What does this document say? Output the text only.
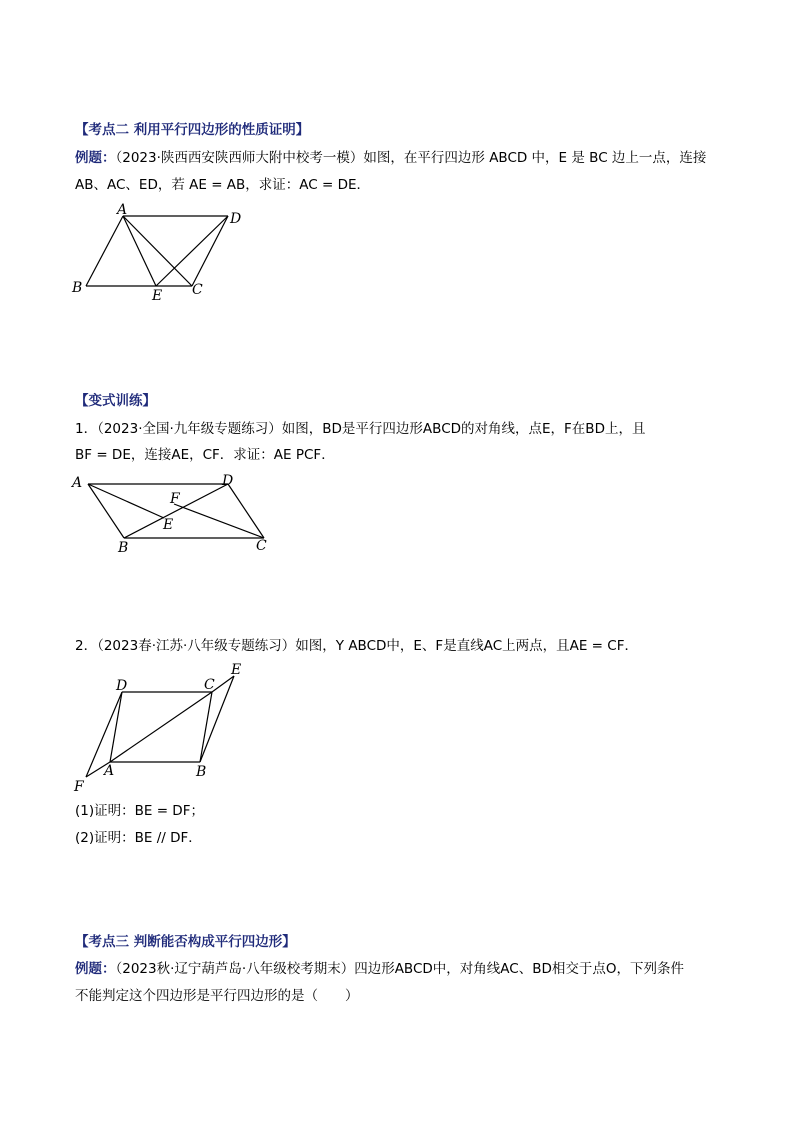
【考点二 利用平行四边形的性质证明】
例题：（2023·陕西西安陕西师大附中校考一模）如图，在平行四边形 ABCD 中，E 是 BC 边上一点，连接
AB、AC、ED，若 AE = AB，求证：AC = DE．
A
D
B	E C
【变式训练】
1．（2023·全国·九年级专题练习）如图，BD是平行四边形ABCD的对角线，点E，F在BD上，且
BF = DE，连接AE，CF．求证：AE PCF．
A	D
F
E
B	C
2．（2023春·江苏·八年级专题练习）如图，Y ABCD中，E、F是直线AC上两点，且AE = CF．
E
D	C
A	B
F
(1)证明：BE = DF；
(2)证明：BE // DF．
【考点三 判断能否构成平行四边形】
例题：（2023秋·辽宁葫芦岛·八年级校考期末）四边形ABCD中，对角线AC、BD相交于点O，下列条件
不能判定这个四边形是平行四边形的是（　　）
